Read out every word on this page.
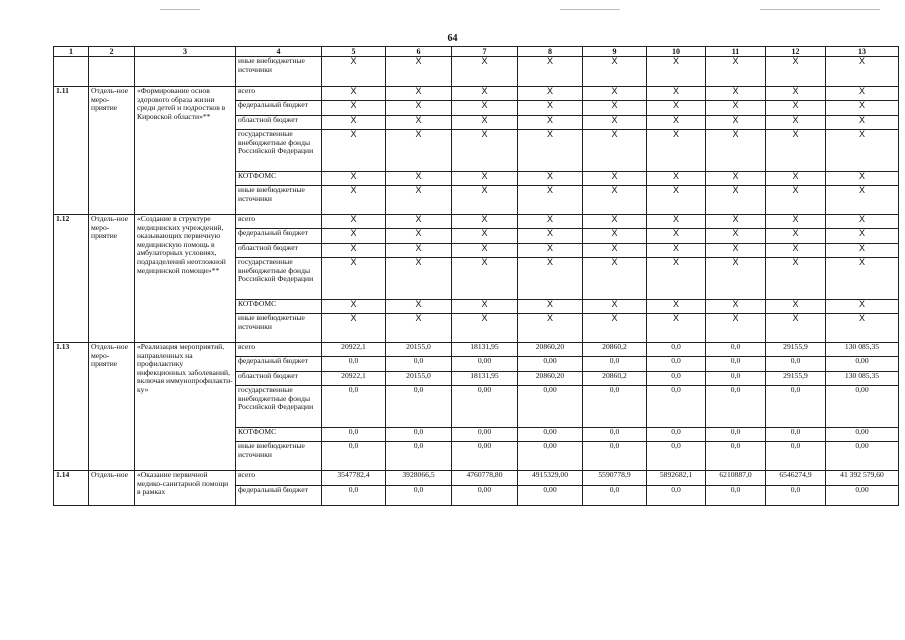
64
1	2	3	4	5	6	7	8	9	10	11	12	13
			иные внебюджетные источники	Х	Х	Х	Х	Х	Х	Х	Х	Х
1.11	Отдель-ное меро-приятие	«Формирование основ здорового образа жизни среди детей и подростков в Кировской области»**	всего	Х	Х	Х	Х	Х	Х	Х	Х	Х
			федеральный бюджет	Х	Х	Х	Х	Х	Х	Х	Х	Х
			областной бюджет	Х	Х	Х	Х	Х	Х	Х	Х	Х
			государственные внебюджетные фонды Российской Федерации	Х	Х	Х	Х	Х	Х	Х	Х	Х
			КОТФОМС	Х	Х	Х	Х	Х	Х	Х	Х	Х
			иные внебюджетные источники	Х	Х	Х	Х	Х	Х	Х	Х	Х
1.12	Отдель-ное меро-приятие	«Создание в структуре медицинских учреждений, оказывающих первичную медицинскую помощь в амбулаторных условиях, подразделений неотложной медицинской помощи»**	всего	Х	Х	Х	Х	Х	Х	Х	Х	Х
			федеральный бюджет	Х	Х	Х	Х	Х	Х	Х	Х	Х
			областной бюджет	Х	Х	Х	Х	Х	Х	Х	Х	Х
			государственные внебюджетные фонды Российской Федерации	Х	Х	Х	Х	Х	Х	Х	Х	Х
			КОТФОМС	Х	Х	Х	Х	Х	Х	Х	Х	Х
			иные внебюджетные источники	Х	Х	Х	Х	Х	Х	Х	Х	Х
1.13	Отдель-ное меро-приятие	«Реализация мероприятий, направленных на профилактику инфекционных заболеваний, включая иммунопрофилакти-ку»	всего	20922,1	20155,0	18131,95	20860,20	20860,2	0,0	0,0	29155,9	130 085,35
			федеральный бюджет	0,0	0,0	0,00	0,00	0,0	0,0	0,0	0,0	0,00
			областной бюджет	20922,1	20155,0	18131,95	20860,20	20860,2	0,0	0,0	29155,9	130 085,35
			государственные внебюджетные фонды Российской Федерации	0,0	0,0	0,00	0,00	0,0	0,0	0,0	0,0	0,00
			КОТФОМС	0,0	0,0	0,00	0,00	0,0	0,0	0,0	0,0	0,00
			иные внебюджетные источники	0,0	0,0	0,00	0,00	0,0	0,0	0,0	0,0	0,00
1.14	Отдель-ное	«Оказание первичной медико-санитарной помощи в рамках	всего	3547782,4	3928066,5	4760778,80	4915329,00	5590778,9	5892682,1	6210887,0	6546274,9	41 392 579,60
			федеральный бюджет	0,0	0,0	0,00	0,00	0,0	0,0	0,0	0,0	0,00
